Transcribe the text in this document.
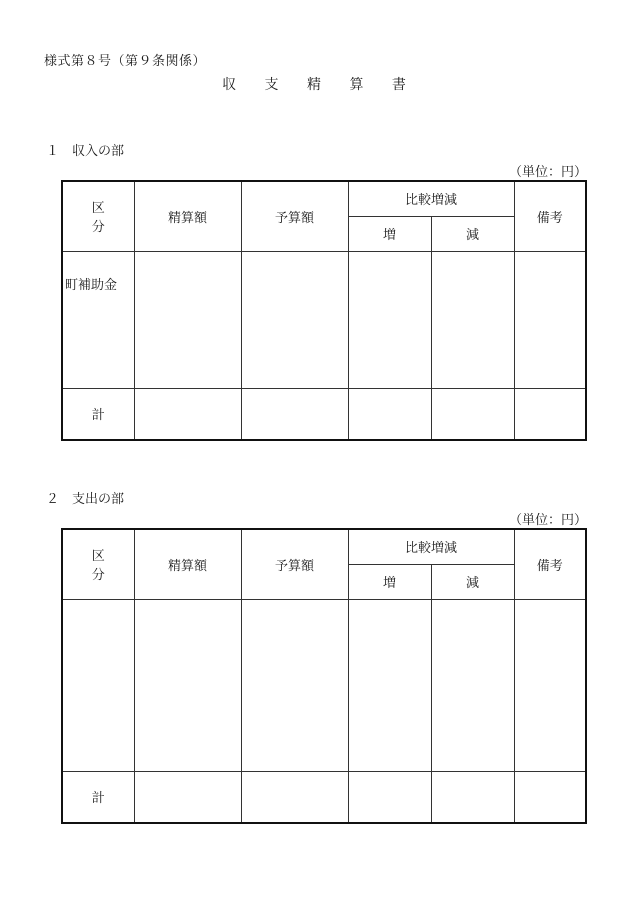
様式第８号（第９条関係）
収 支 精 算 書
１　収入の部
（単位：円）
区　分	精算額	予算額	比較増減		備考
			増	減	
町補助金					
計					
２　支出の部
（単位：円）
区　分	精算額	予算額	比較増減		備考
			増	減	

計					
